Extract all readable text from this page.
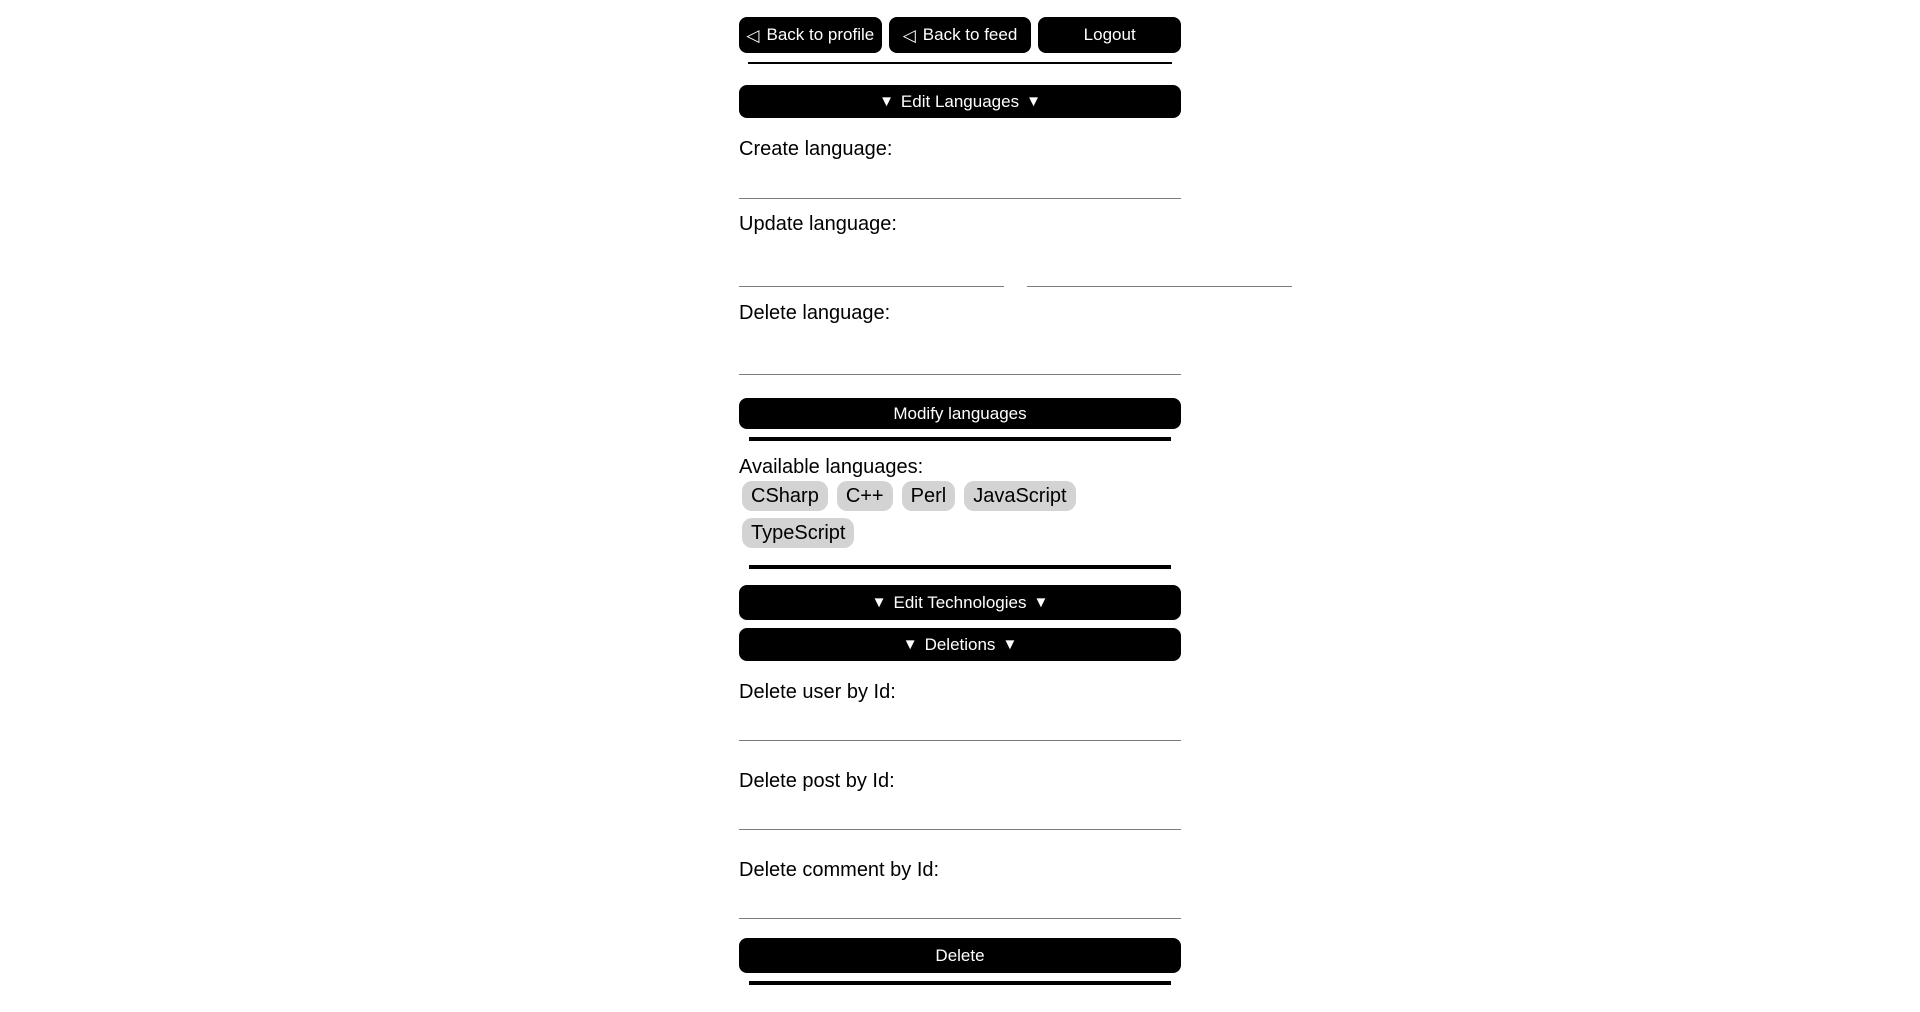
◁ Back to profile ◁ Back to feed	Logout
▼ Edit Languages ▼
Create language:
Update language:
Delete language:
Modify languages
Available languages:
CSharp C++ Perl JavaScriptTypeScript
▼ Edit Technologies ▼
▼ Deletions ▼
Delete user by Id:
Delete post by Id:
Delete comment by Id:
Delete
